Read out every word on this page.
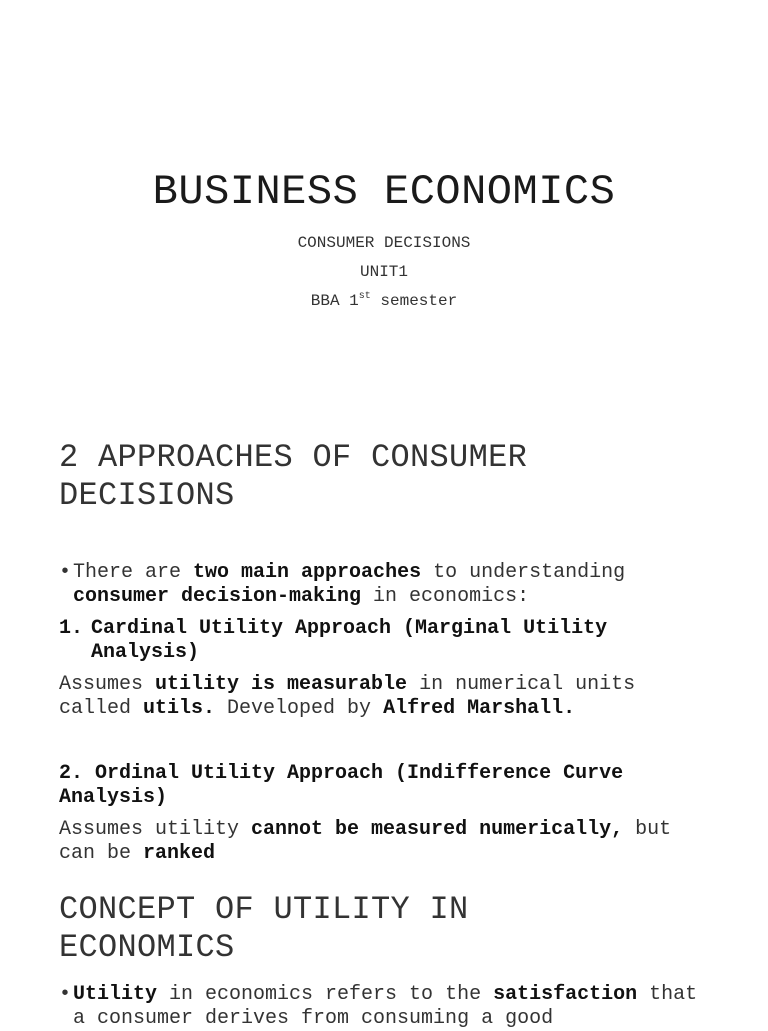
BUSINESS ECONOMICS
CONSUMER DECISIONS
UNIT1
BBA 1st semester
2 APPROACHES OF CONSUMER
DECISIONS
• There are two main approaches to understanding consumer decision-making in economics:
1. Cardinal Utility Approach (Marginal Utility Analysis)
Assumes utility is measurable in numerical units called utils. Developed by Alfred Marshall.
2. Ordinal Utility Approach (Indifference Curve Analysis)
Assumes utility cannot be measured numerically, but can be ranked
CONCEPT OF UTILITY IN
ECONOMICS
• Utility in economics refers to the satisfaction that a consumer derives from consuming a good
